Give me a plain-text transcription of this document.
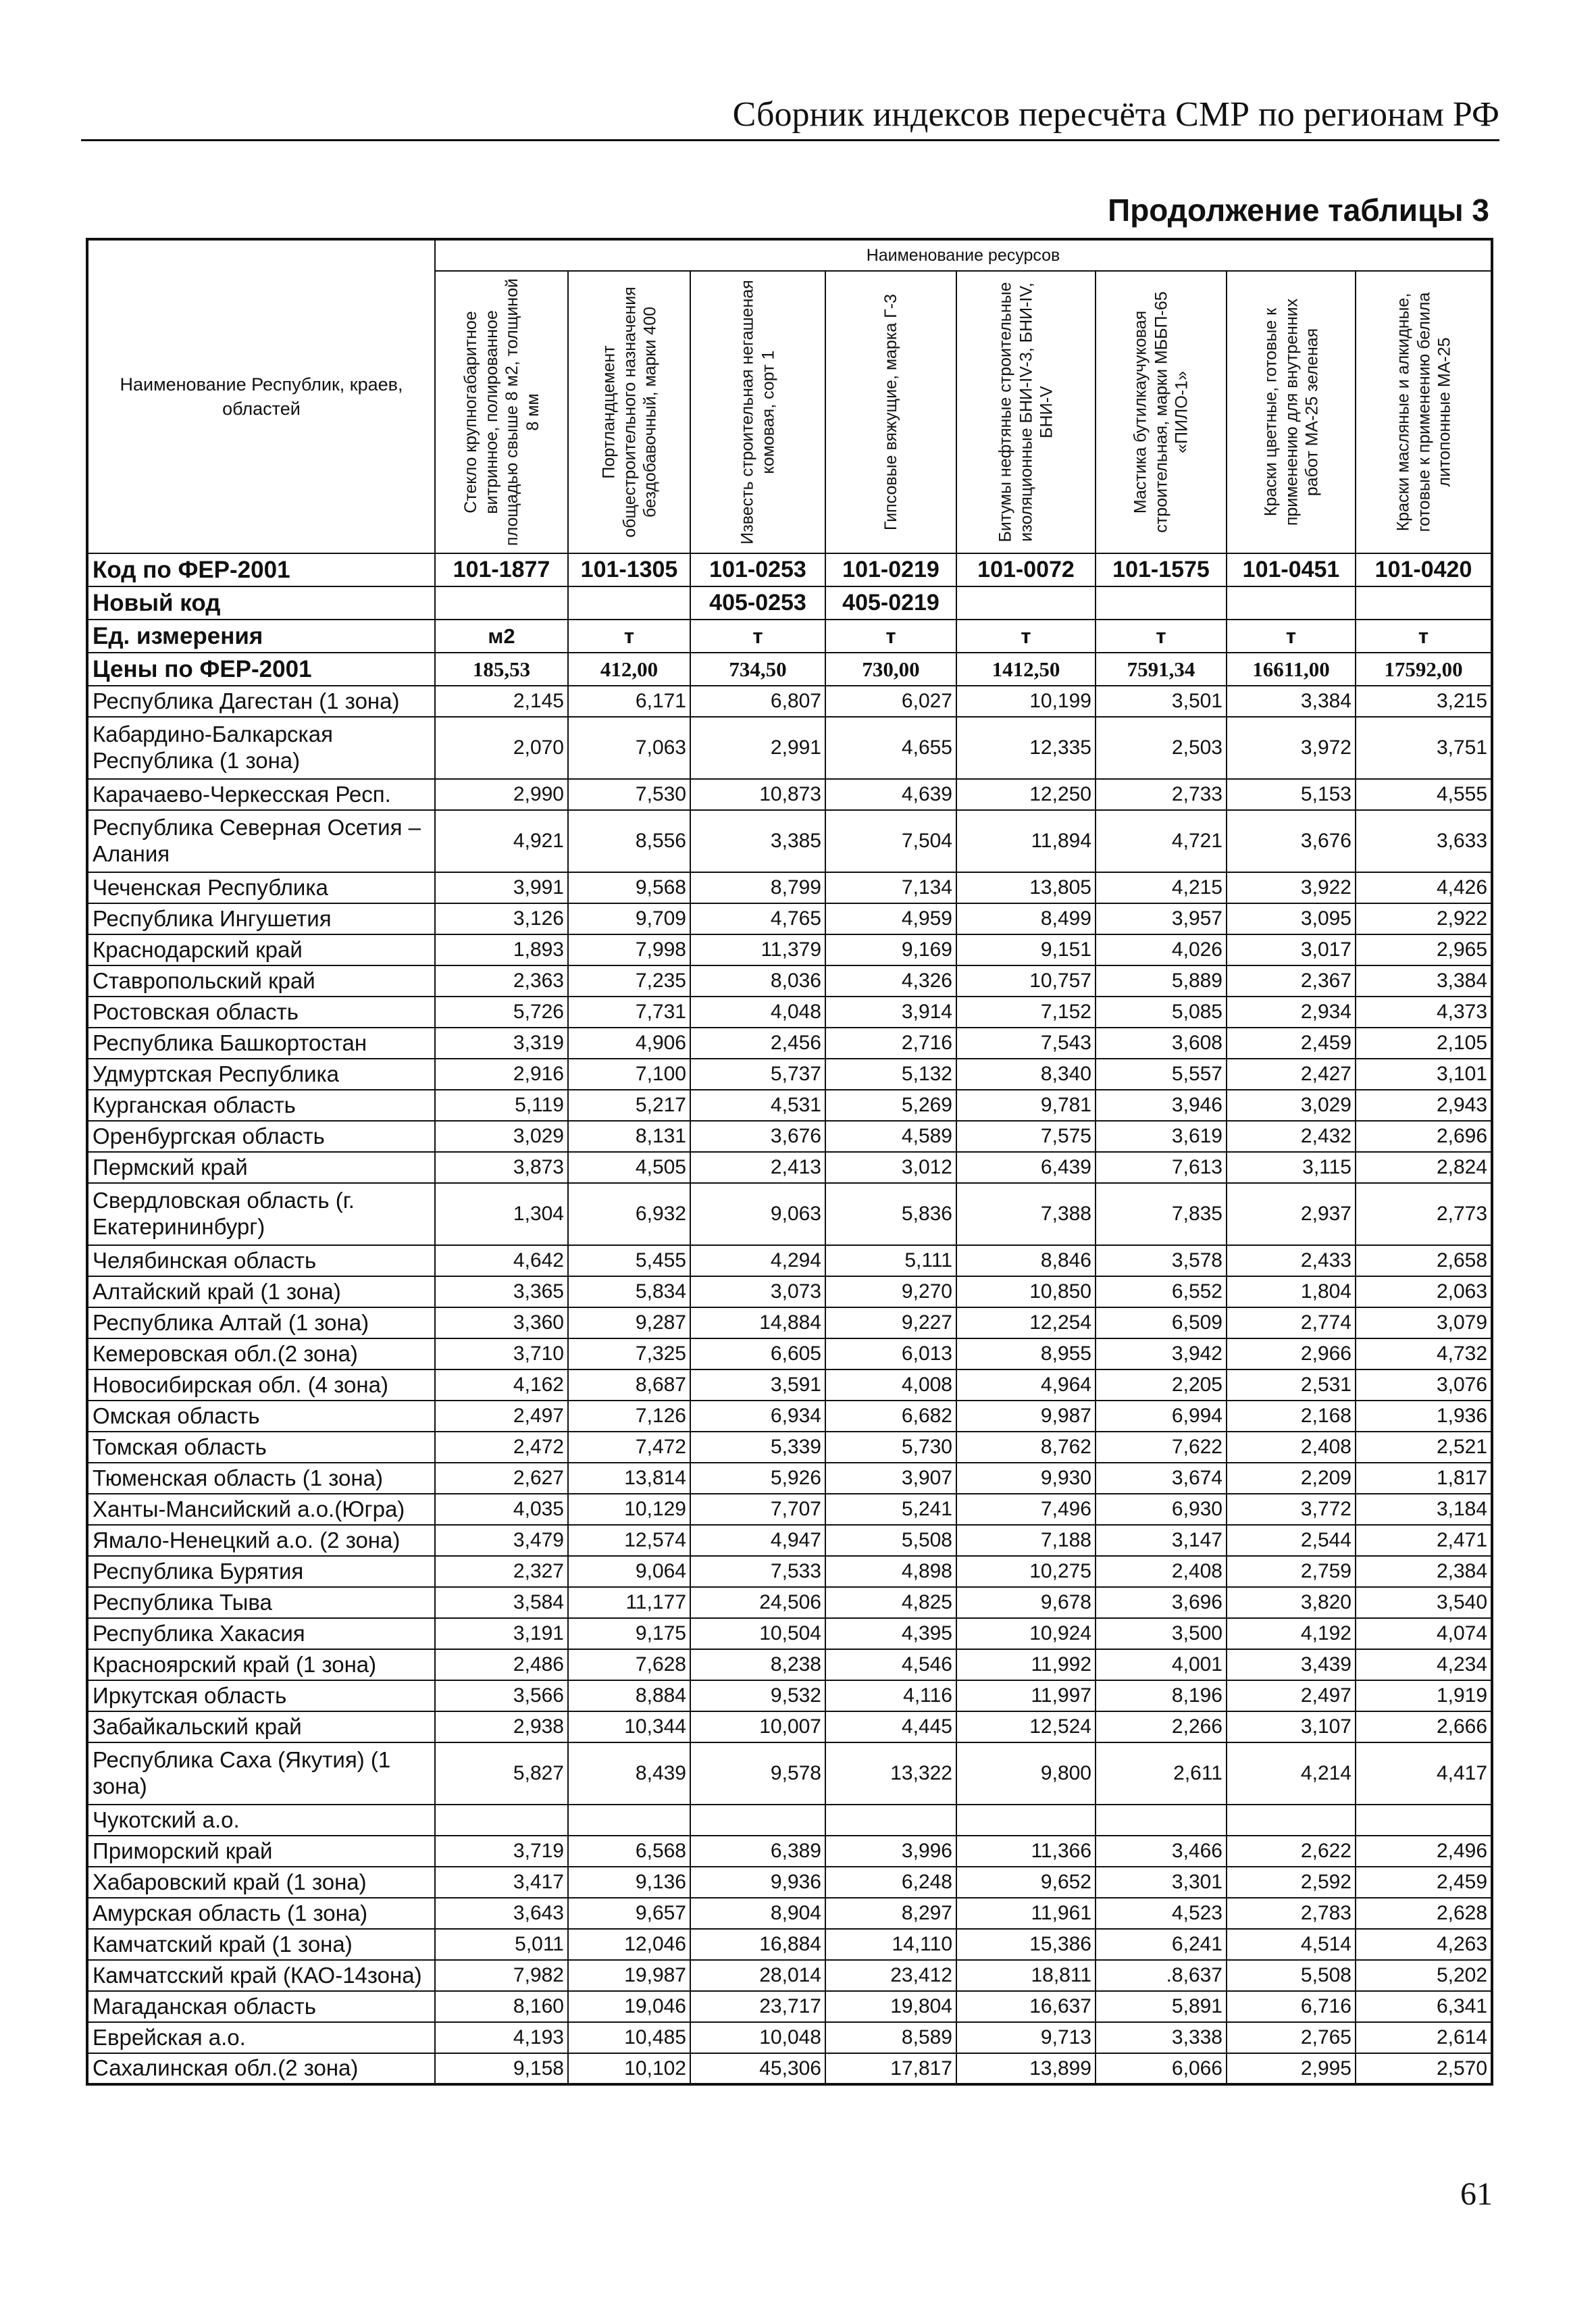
Сборник индексов пересчёта СМР по регионам РФ
Продолжение таблицы 3
Наименование Республик, краев, областей	Наименование ресурсов							

	Стекло крупногабаритное витринное, полированное площадью свыше 8 м2, толщиной 8 мм	Портландцемент общестроительного назначения бездобавочный, марки 400	Известь строительная негашеная комовая, сорт 1	Гипсовые вяжущие, марка Г-3	Битумы нефтяные строительные изоляционные БНИ-IV-3, БНИ-IV, БНИ-V	Мастика бутилкаучуковая строительная, марки МББП-65 «ПИЛО-1»	Краски цветные, готовые к применению для внутренних работ МА-25 зеленая	Краски масляные и алкидные, готовые к применению белила литопонные МА-25

Код по ФЕР-2001	101-1877	101-1305	101-0253	101-0219	101-0072	101-1575	101-0451	101-0420
Новый код			405-0253	405-0219				
Ед. измерения	м2	т	т	т	т	т	т	т
Цены по ФЕР-2001	185,53	412,00	734,50	730,00	1412,50	7591,34	16611,00	17592,00
Республика Дагестан (1 зона)	2,145	6,171	6,807	6,027	10,199	3,501	3,384	3,215
Кабардино-Балкарская Республика (1 зона)	2,070	7,063	2,991	4,655	12,335	2,503	3,972	3,751
Карачаево-Черкесская Респ.	2,990	7,530	10,873	4,639	12,250	2,733	5,153	4,555
Республика Северная Осетия – Алания	4,921	8,556	3,385	7,504	11,894	4,721	3,676	3,633
Чеченская Республика	3,991	9,568	8,799	7,134	13,805	4,215	3,922	4,426
Республика Ингушетия	3,126	9,709	4,765	4,959	8,499	3,957	3,095	2,922
Краснодарский край	1,893	7,998	11,379	9,169	9,151	4,026	3,017	2,965
Ставропольский край	2,363	7,235	8,036	4,326	10,757	5,889	2,367	3,384
Ростовская область	5,726	7,731	4,048	3,914	7,152	5,085	2,934	4,373
Республика Башкортостан	3,319	4,906	2,456	2,716	7,543	3,608	2,459	2,105
Удмуртская Республика	2,916	7,100	5,737	5,132	8,340	5,557	2,427	3,101
Курганская область	5,119	5,217	4,531	5,269	9,781	3,946	3,029	2,943
Оренбургская область	3,029	8,131	3,676	4,589	7,575	3,619	2,432	2,696
Пермский край	3,873	4,505	2,413	3,012	6,439	7,613	3,115	2,824
Свердловская область (г. Екатерининбург)	1,304	6,932	9,063	5,836	7,388	7,835	2,937	2,773
Челябинская область	4,642	5,455	4,294	5,111	8,846	3,578	2,433	2,658
Алтайский край (1 зона)	3,365	5,834	3,073	9,270	10,850	6,552	1,804	2,063
Республика Алтай (1 зона)	3,360	9,287	14,884	9,227	12,254	6,509	2,774	3,079
Кемеровская обл.(2 зона)	3,710	7,325	6,605	6,013	8,955	3,942	2,966	4,732
Новосибирская обл. (4 зона)	4,162	8,687	3,591	4,008	4,964	2,205	2,531	3,076
Омская область	2,497	7,126	6,934	6,682	9,987	6,994	2,168	1,936
Томская область	2,472	7,472	5,339	5,730	8,762	7,622	2,408	2,521
Тюменская область (1 зона)	2,627	13,814	5,926	3,907	9,930	3,674	2,209	1,817
Ханты-Мансийский а.о.(Югра)	4,035	10,129	7,707	5,241	7,496	6,930	3,772	3,184
Ямало-Ненецкий а.о. (2 зона)	3,479	12,574	4,947	5,508	7,188	3,147	2,544	2,471
Республика Бурятия	2,327	9,064	7,533	4,898	10,275	2,408	2,759	2,384
Республика Тыва	3,584	11,177	24,506	4,825	9,678	3,696	3,820	3,540
Республика Хакасия	3,191	9,175	10,504	4,395	10,924	3,500	4,192	4,074
Красноярский край (1 зона)	2,486	7,628	8,238	4,546	11,992	4,001	3,439	4,234
Иркутская область	3,566	8,884	9,532	4,116	11,997	8,196	2,497	1,919
Забайкальский край	2,938	10,344	10,007	4,445	12,524	2,266	3,107	2,666
Республика Саха (Якутия) (1 зона)	5,827	8,439	9,578	13,322	9,800	2,611	4,214	4,417
Чукотский а.о.								
Приморский край	3,719	6,568	6,389	3,996	11,366	3,466	2,622	2,496
Хабаровский край (1 зона)	3,417	9,136	9,936	6,248	9,652	3,301	2,592	2,459
Амурская область (1 зона)	3,643	9,657	8,904	8,297	11,961	4,523	2,783	2,628
Камчатский край (1 зона)	5,011	12,046	16,884	14,110	15,386	6,241	4,514	4,263
Камчатсский край (КАО-14зона)	7,982	19,987	28,014	23,412	18,811	.8,637	5,508	5,202
Магаданская область	8,160	19,046	23,717	19,804	16,637	5,891	6,716	6,341
Еврейская а.о.	4,193	10,485	10,048	8,589	9,713	3,338	2,765	2,614
Сахалинская обл.(2 зона)	9,158	10,102	45,306	17,817	13,899	6,066	2,995	2,570
61
